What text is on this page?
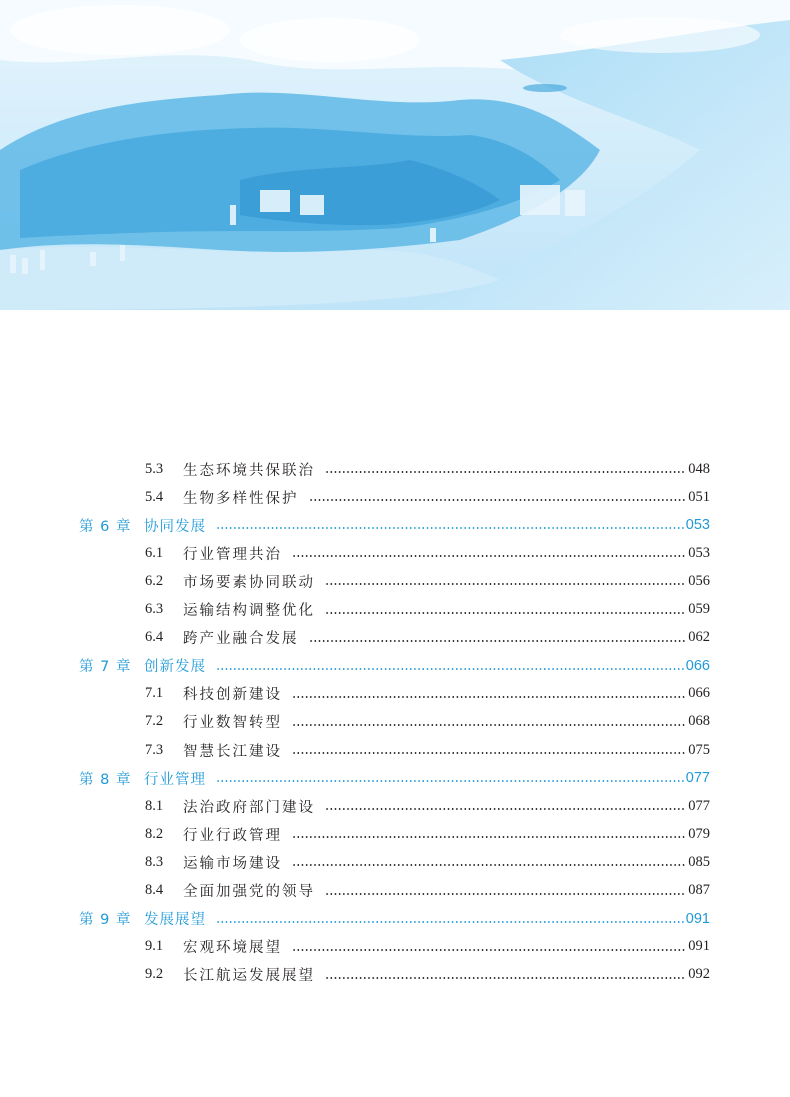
5.3	生态环境共保联治	048
5.4	生物多样性保护	051
第 6 章 协同发展	053
6.1	行业管理共治	053
6.2	市场要素协同联动	056
6.3	运输结构调整优化	059
6.4	跨产业融合发展	062
第 7 章 创新发展	066
7.1	科技创新建设	066
7.2	行业数智转型	068
7.3	智慧长江建设	075
第 8 章 行业管理	077
8.1	法治政府部门建设	077
8.2	行业行政管理	079
8.3	运输市场建设	085
8.4	全面加强党的领导	087
第 9 章 发展展望	091
9.1	宏观环境展望	091
9.2	长江航运发展展望	092
